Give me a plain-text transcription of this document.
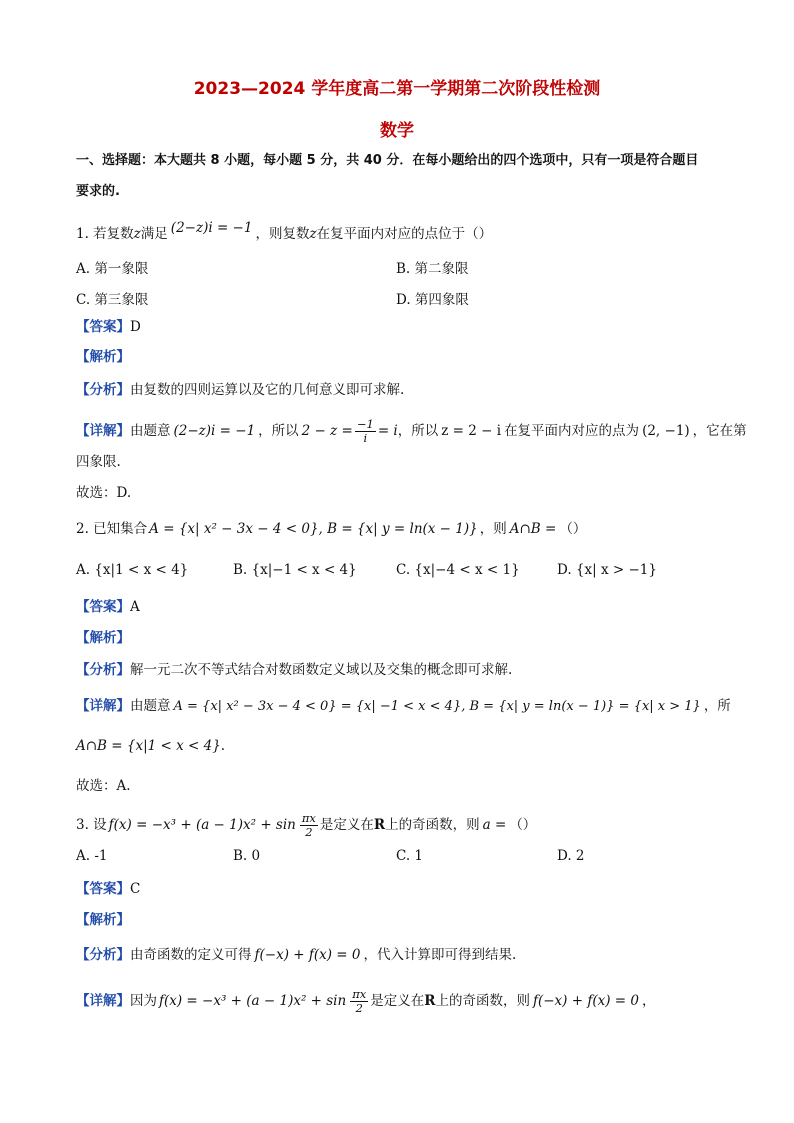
2023—2024 学年度高二第一学期第二次阶段性检测
数学
一、选择题：本大题共 8 小题，每小题 5 分，共 40 分．在每小题给出的四个选项中，只有一项是符合题目
要求的.
1. 若复数z满足 (2−z)i = −1 ，则复数z在复平面内对应的点位于（）
A. 第一象限	B. 第二象限
C. 第三象限	D. 第四象限
【答案】D
【解析】
【分析】由复数的四则运算以及它的几何意义即可求解.
【详解】由题意 (2−z)i = −1 ，所以 $2 - z = \frac{-1}{i} = i$，所以 z = 2 − i 在复平面内对应的点为 (2, −1) ，它在第
四象限.
故选：D.
2. 已知集合 A = {x| x² − 3x − 4 < 0}, B = {x| y = ln(x − 1)} ，则 A∩B = （）
A. {x|1 < x < 4}	B. {x|−1 < x < 4}	C. {x|−4 < x < 1}	D. {x| x > −1}
【答案】A
【解析】
【分析】解一元二次不等式结合对数函数定义域以及交集的概念即可求解.
【详解】由题意 A = {x| x² − 3x − 4 < 0} = {x| −1 < x < 4}, B = {x| y = ln(x − 1)} = {x| x > 1} ，所
A∩B = {x|1 < x < 4}.
故选：A.
3. 设 $f(x) = -x^3 + (a - 1)x^2 + \sin \frac{\pi x}{2}$ 是定义在R上的奇函数，则 a = （）
A. -1	B. 0	C. 1	D. 2
【答案】C
【解析】
【分析】由奇函数的定义可得 f(−x) + f(x) = 0 ，代入计算即可得到结果.
【详解】因为 $f(x) = -x^3 + (a - 1)x^2 + \sin \frac{\pi x}{2}$ 是定义在R上的奇函数，则 f(−x) + f(x) = 0 ，
